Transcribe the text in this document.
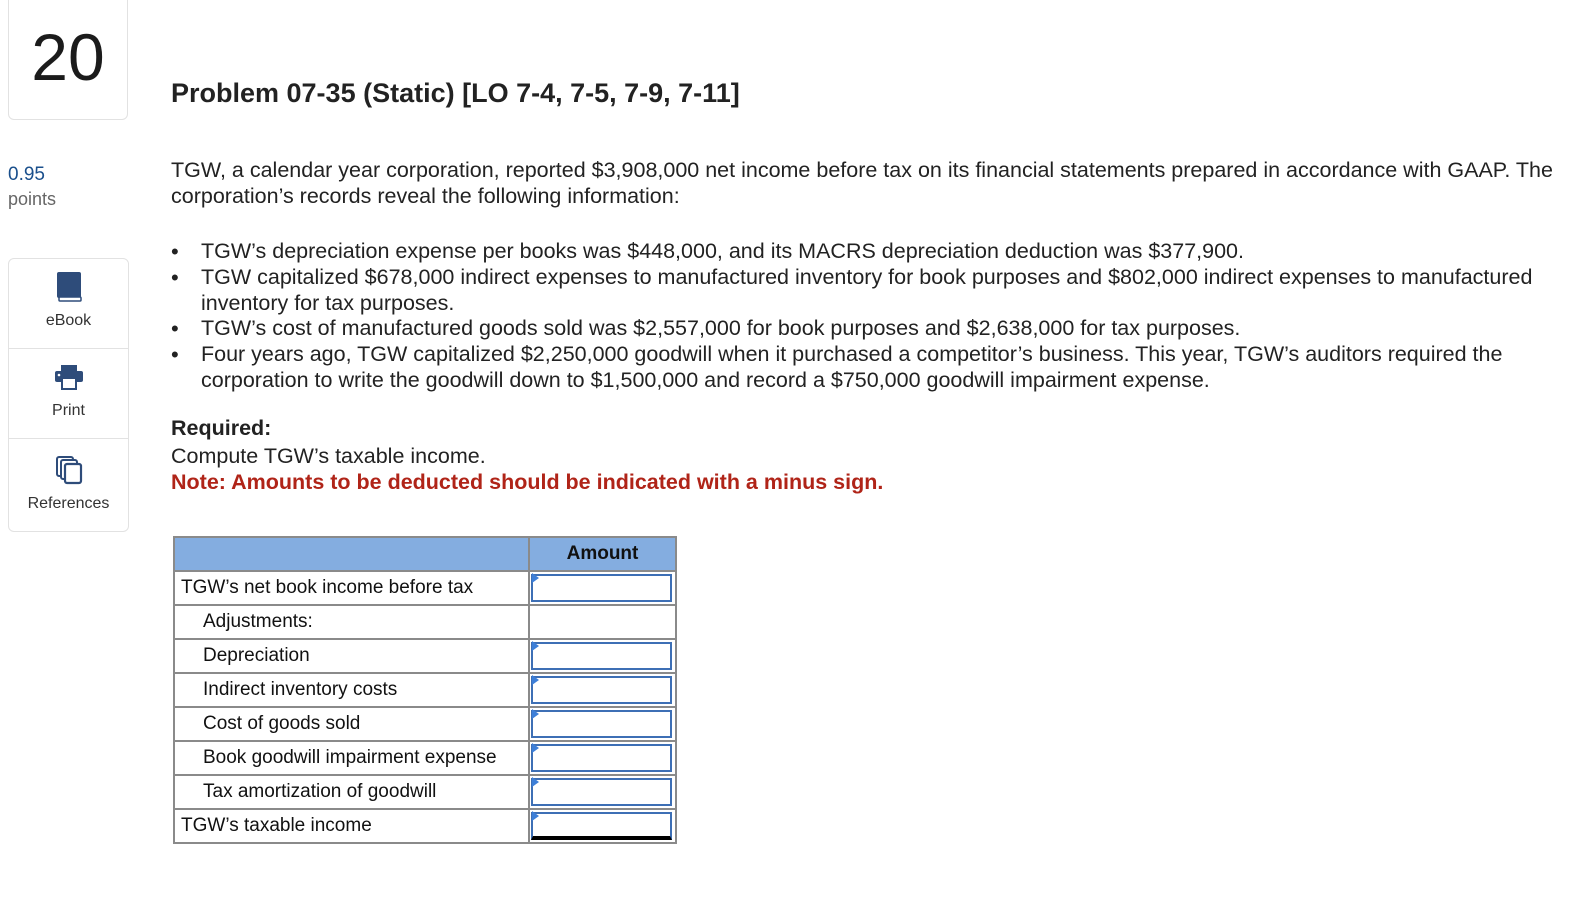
20
0.95
points
eBook
Print
References
Problem 07-35 (Static) [LO 7-4, 7-5, 7-9, 7-11]

TGW, a calendar year corporation, reported $3,908,000 net income before tax on its financial statements prepared in accordance with GAAP. The corporation’s records reveal the following information:

• TGW’s depreciation expense per books was $448,000, and its MACRS depreciation deduction was $377,900.
• TGW capitalized $678,000 indirect expenses to manufactured inventory for book purposes and $802,000 indirect expenses to manufactured inventory for tax purposes.
• TGW’s cost of manufactured goods sold was $2,557,000 for book purposes and $2,638,000 for tax purposes.
• Four years ago, TGW capitalized $2,250,000 goodwill when it purchased a competitor’s business. This year, TGW’s auditors required the corporation to write the goodwill down to $1,500,000 and record a $750,000 goodwill impairment expense.

Required:

Compute TGW’s taxable income.

Note: Amounts to be deducted should be indicated with a minus sign.

	Amount
TGW’s net book income before tax	

Adjustments:	
Depreciation	

Indirect inventory costs	

Cost of goods sold	

Book goodwill impairment expense	

Tax amortization of goodwill	

TGW’s taxable income	
